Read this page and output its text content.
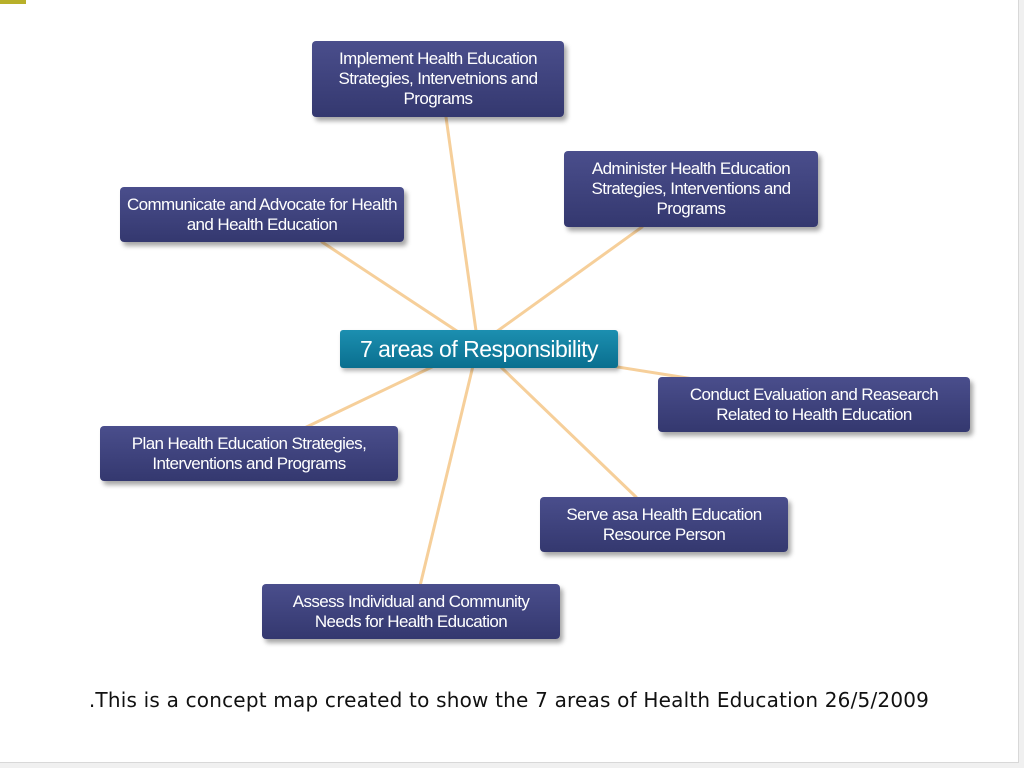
Implement Health Education Strategies, Intervetnions and Programs
Administer Health Education Strategies, Interventions and Programs
Communicate and Advocate for Health and Health Education
7 areas of Responsibility
Conduct Evaluation and Reasearch Related to Health Education
Plan Health Education Strategies, Interventions and Programs
Serve asa Health Education Resource Person
Assess Individual and Community Needs for Health Education
.This is a concept map created to show the 7 areas of Health Education 26/5/2009
